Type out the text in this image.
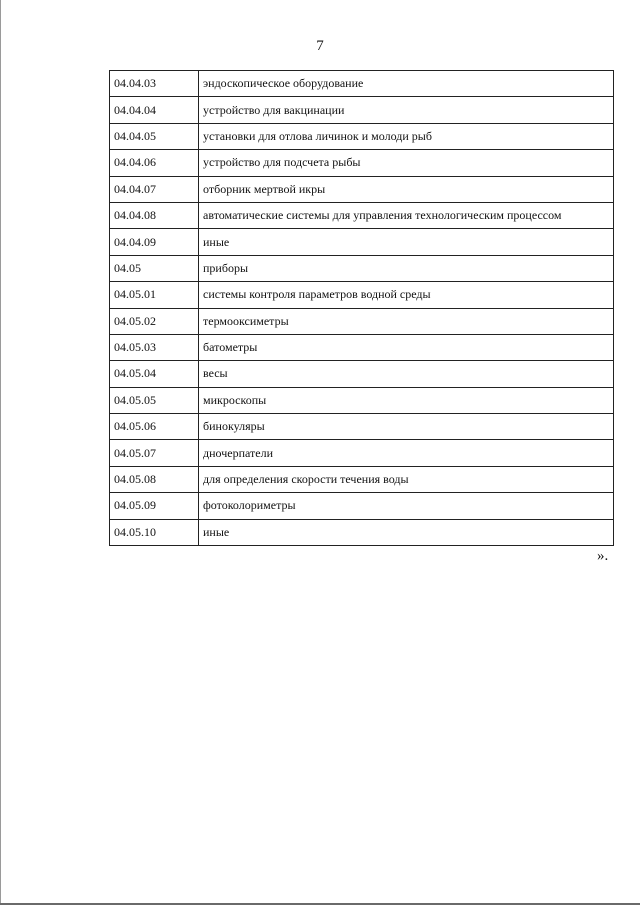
7
04.04.03	эндоскопическое оборудование
04.04.04	устройство для вакцинации
04.04.05	установки для отлова личинок и молоди рыб
04.04.06	устройство для подсчета рыбы
04.04.07	отборник мертвой икры
04.04.08	автоматические системы для управления технологическим процессом
04.04.09	иные
04.05	приборы
04.05.01	системы контроля параметров водной среды
04.05.02	термооксиметры
04.05.03	батометры
04.05.04	весы
04.05.05	микроскопы
04.05.06	бинокуляры
04.05.07	дночерпатели
04.05.08	для определения скорости течения воды
04.05.09	фотоколориметры
04.05.10	иные
».
